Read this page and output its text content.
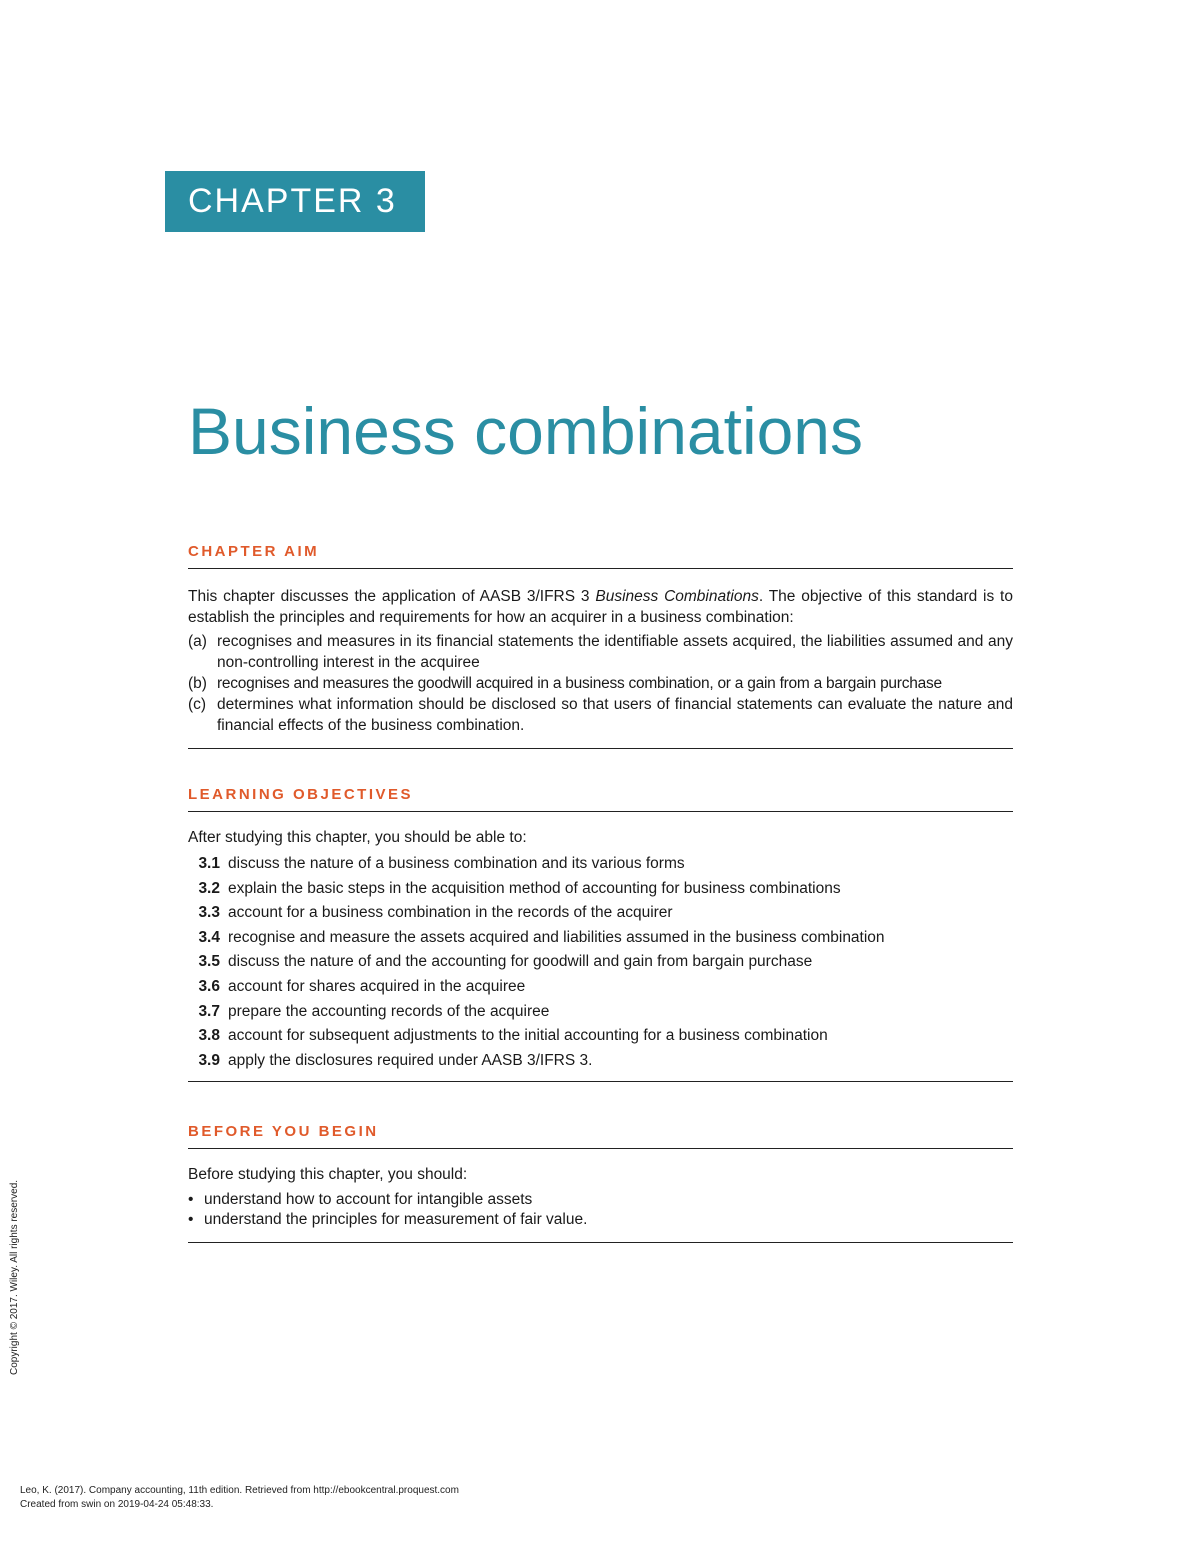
CHAPTER 3
Business combinations
CHAPTER AIM
This chapter discusses the application of AASB 3/IFRS 3 Business Combinations. The objective of this standard is to establish the principles and requirements for how an acquirer in a business combination:
(a) recognises and measures in its financial statements the identifiable assets acquired, the liabilities assumed and any non-controlling interest in the acquiree
(b) recognises and measures the goodwill acquired in a business combination, or a gain from a bargain purchase
(c) determines what information should be disclosed so that users of financial statements can evaluate the nature and financial effects of the business combination.
LEARNING OBJECTIVES
After studying this chapter, you should be able to:
3.1 discuss the nature of a business combination and its various forms
3.2 explain the basic steps in the acquisition method of accounting for business combinations
3.3 account for a business combination in the records of the acquirer
3.4 recognise and measure the assets acquired and liabilities assumed in the business combination
3.5 discuss the nature of and the accounting for goodwill and gain from bargain purchase
3.6 account for shares acquired in the acquiree
3.7 prepare the accounting records of the acquiree
3.8 account for subsequent adjustments to the initial accounting for a business combination
3.9 apply the disclosures required under AASB 3/IFRS 3.
BEFORE YOU BEGIN
Before studying this chapter, you should:
• understand how to account for intangible assets
• understand the principles for measurement of fair value.
Copyright © 2017. Wiley. All rights reserved.
Leo, K. (2017). Company accounting, 11th edition. Retrieved from http://ebookcentral.proquest.com
Created from swin on 2019-04-24 05:48:33.
